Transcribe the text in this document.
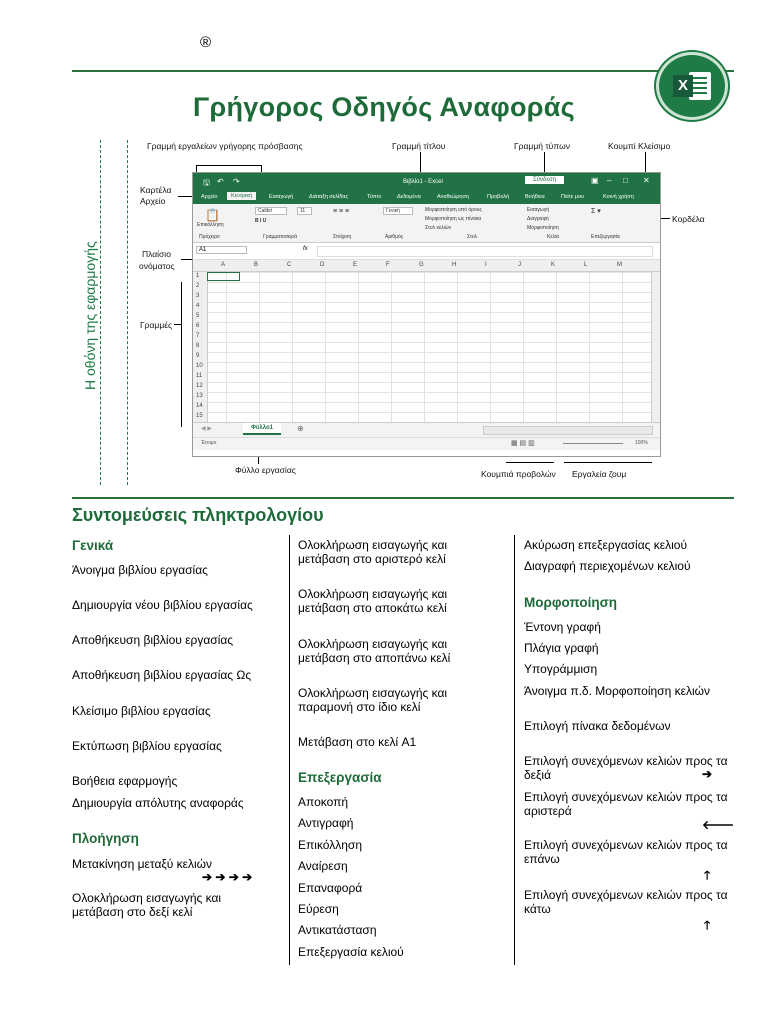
®
X
Γρήγορος Οδηγός Αναφοράς
Η οθόνη της εφαρμογής
Γραμμή εργαλείων γρήγορης πρόσβασης	Γραμμή τίτλου	Γραμμή τύπων	Κουμπί Κλείσιμο
Καρτέλα
Αρχείο
Κορδέλα
Πλαίσιο
ονόματος
Γραμμές
Φύλλο εργασίας	Κουμπιά προβολών Εργαλεία ζουμ
🖫 ↶ ↷	Βιβλίο1 - Excel	Σύνδεση	▣ – □ ✕
Αρχείο	Κεντρική	Εισαγωγή	Διάταξη σελίδας	Τύποι	Δεδομένα	Αναθεώρηση	Προβολή	Βοήθεια	Πείτε μου	Κοινή χρήση
📋
Επικόλληση
Calibri	11
B I U
≡ ≡ ≡	Γενική	Μορφοποίηση υπό όρους
Μορφοποίηση ως πίνακα
Στυλ κελιών
Εισαγωγή
Διαγραφή
Μορφοποίηση
Σ ▾
Πρόχειρο	Γραμματοσειρά	Στοίχιση	Αριθμός	Στυλ	Κελιά	Επεξεργασία
A1	fx
A	B	C	D	E	F	G	H	I	J	K	L	M
1
2
3
4
5
6
7
8
9
10
11
12
13
14
15
◀ ▶	Φύλλο1	⊕
Έτοιμο	▦ ▤ ▥	100%
Συντομεύσεις πληκτρολογίου
Γενικά
Άνοιγμα βιβλίου εργασίας
Δημιουργία νέου βιβλίου εργασίας
Αποθήκευση βιβλίου εργασίας
Αποθήκευση βιβλίου εργασίας Ως
Κλείσιμο βιβλίου εργασίας
Εκτύπωση βιβλίου εργασίας
Βοήθεια εφαρμογής
Δημιουργία απόλυτης αναφοράς
Πλοήγηση
Μετακίνηση μεταξύ κελιών
➔ ➔ ➔ ➔
Ολοκλήρωση εισαγωγής και μετάβαση στο δεξί κελί
Ολοκλήρωση εισαγωγής και μετάβαση στο αριστερό κελί
Ολοκλήρωση εισαγωγής και μετάβαση στο αποκάτω κελί
Ολοκλήρωση εισαγωγής και μετάβαση στο αποπάνω κελί
Ολοκλήρωση εισαγωγής και παραμονή στο ίδιο κελί
Μετάβαση στο κελί A1
Επεξεργασία
Αποκοπή
Αντιγραφή
Επικόλληση
Αναίρεση
Επαναφορά
Εύρεση
Αντικατάσταση
Επεξεργασία κελιού
Ακύρωση επεξεργασίας κελιού
Διαγραφή περιεχομένων κελιού
Μορφοποίηση
Έντονη γραφή
Πλάγια γραφή
Υπογράμμιση
Άνοιγμα π.δ. Μορφοποίηση κελιών
Επιλογή πίνακα δεδομένων
Επιλογή συνεχόμενων κελιών προς τα δεξιά	➔
Επιλογή συνεχόμενων κελιών προς τα αριστερά
🡐
Επιλογή συνεχόμενων κελιών προς τα επάνω
🡑
Επιλογή συνεχόμενων κελιών προς τα κάτω
🡑
